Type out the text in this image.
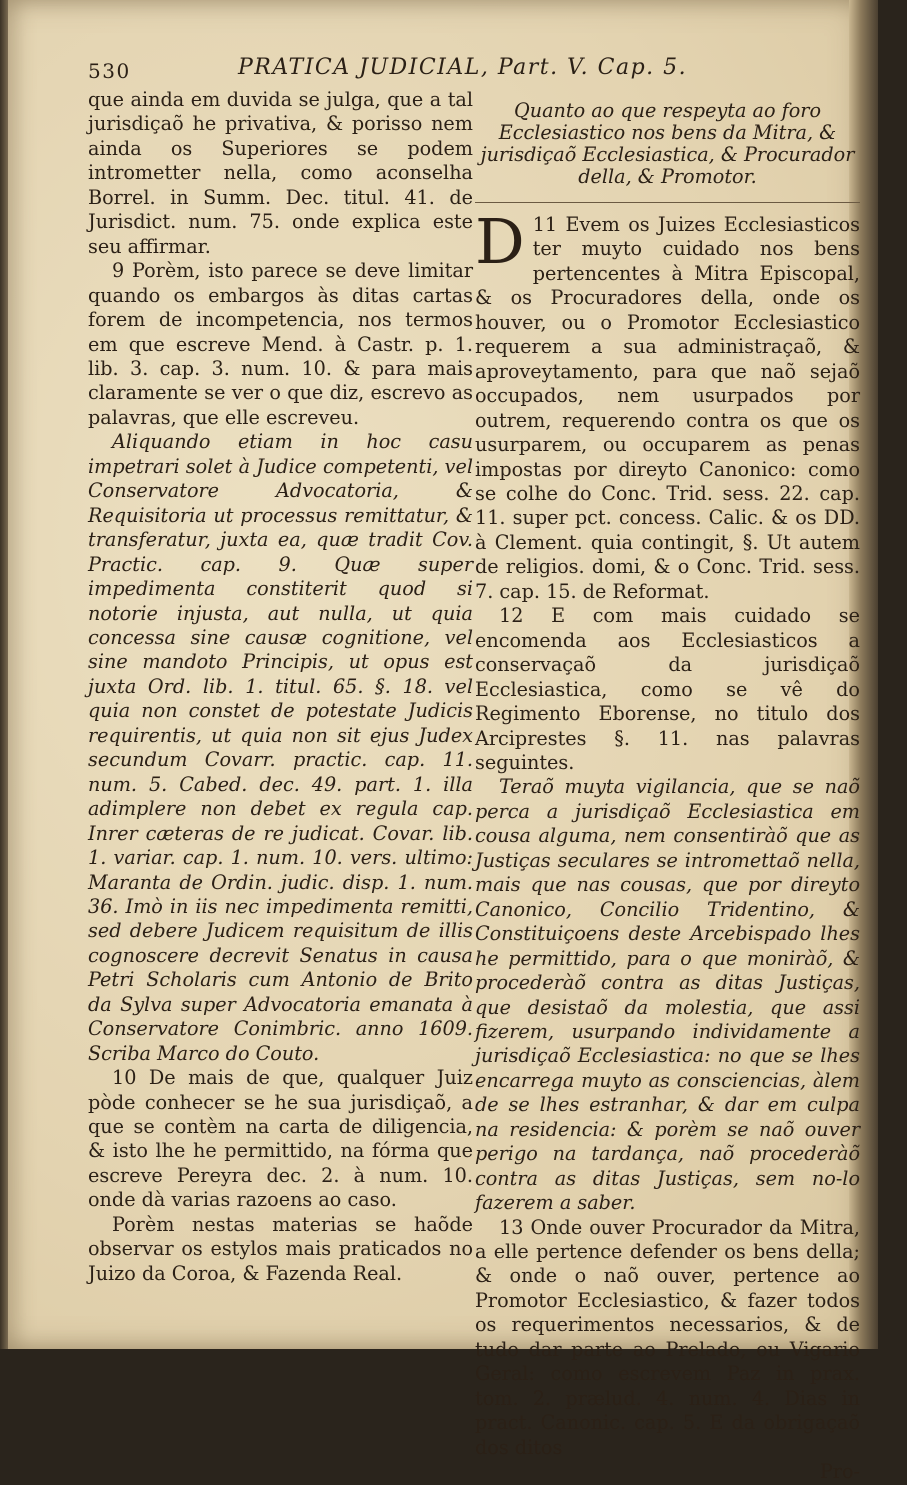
530	PRATICA JUDICIAL, Part. V. Cap. 5.

que ainda em duvida se julga, que a tal jurisdiçaõ he privativa, & porisso nem ainda os Superiores se podem intrometter nella, como aconselha Borrel. in Summ. Dec. titul. 41. de Jurisdict. num. 75. onde explica este seu affirmar.

9 Porèm, isto parece se deve limitar quando os embargos às ditas cartas forem de incompetencia, nos termos em que escreve Mend. à Castr. p. 1. lib. 3. cap. 3. num. 10. & para mais claramente se ver o que diz, escrevo as palavras, que elle escreveu.

Aliquando etiam in hoc casu impetrari solet à Judice competenti, vel Conservatore Advocatoria, & Requisitoria ut processus remittatur, & transferatur, juxta ea, quæ tradit Cov. Practic. cap. 9. Quæ super impedimenta constiterit quod si notorie injusta, aut nulla, ut quia concessa sine causæ cognitione, vel sine mandoto Principis, ut opus est juxta Ord. lib. 1. titul. 65. §. 18. vel quia non constet de potestate Judicis requirentis, ut quia non sit ejus Judex secundum Covarr. practic. cap. 11. num. 5. Cabed. dec. 49. part. 1. illa adimplere non debet ex regula cap. Inrer cæteras de re judicat. Covar. lib. 1. variar. cap. 1. num. 10. vers. ultimo: Maranta de Ordin. judic. disp. 1. num. 36. Imò in iis nec impedimenta remitti, sed debere Judicem requisitum de illis cognoscere decrevit Senatus in causa Petri Scholaris cum Antonio de Brito da Sylva super Advocatoria emanata à Conservatore Conimbric. anno 1609. Scriba Marco do Couto.

10 De mais de que, qualquer Juiz pòde conhecer se he sua jurisdiçaõ, a que se contèm na carta de diligencia, & isto lhe he permittido, na fórma que escreve Pereyra dec. 2. à num. 10. onde dà varias razoens ao caso.

Porèm nestas materias se haõde observar os estylos mais praticados no Juizo da Coroa, & Fazenda Real.

Quanto ao que respeyta ao foro Ecclesiastico nos bens da Mitra, & jurisdiçaõ Ecclesiastica, & Procurador della, & Promotor.

11
D Evem os Juizes Ecclesiasticos ter muyto cuidado nos bens pertencentes à Mitra Episcopal, & os Procuradores della, onde os houver, ou o Promotor Ecclesiastico requerem a sua administraçaõ, & aproveytamento, para que naõ sejaõ occupados, nem usurpados por outrem, requerendo contra os que os usurparem, ou occuparem as penas impostas por direyto Canonico: como se colhe do Conc. Trid. sess. 22. cap. 11. super pct. concess. Calic. & os DD. à Clement. quia contingit, §. Ut autem de religios. domi, & o Conc. Trid. sess. 7. cap. 15. de Reformat.

12 E com mais cuidado se encomenda aos Ecclesiasticos a conservaçaõ da jurisdiçaõ Ecclesiastica, como se vê do Regimento Eborense, no titulo dos Arciprestes §. 11. nas palavras seguintes.

Teraõ muyta vigilancia, que se naõ perca a jurisdiçaõ Ecclesiastica em cousa alguma, nem consentiràõ que as Justiças seculares se intromettaõ nella, mais que nas cousas, que por direyto Canonico, Concilio Tridentino, & Constituiçoens deste Arcebispado lhes he permittido, para o que moniràõ, & procederàõ contra as ditas Justiças, que desistaõ da molestia, que assi fizerem, usurpando individamente a jurisdiçaõ Ecclesiastica: no que se lhes encarrega muyto as consciencias, àlem de se lhes estranhar, & dar em culpa na residencia: & porèm se naõ ouver perigo na tardança, naõ procederàõ contra as ditas Justiças, sem no-lo fazerem a saber.

13 Onde ouver Procurador da Mitra, a elle pertence defender os bens della; & onde o naõ ouver, pertence ao Promotor Ecclesiastico, & fazer todos os requerimentos necessarios, & de tudo dar parte ao Prelado, ou Vigario Geral: como escrevem Paz in prax. tom. 2. prælud. 4. num. 4. Dias in pract. Canonic. cap. 5. E da obrigaçaõ dos ditos

Pro-
